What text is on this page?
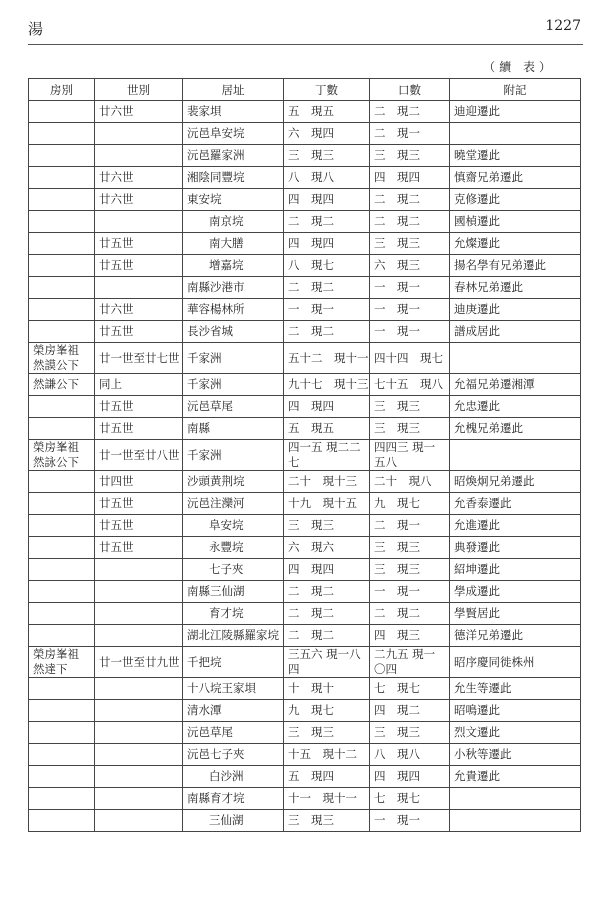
湯	1227
（續 表）
房別	世別	居址	丁數	口數	附記
	廿六世	裴家垻	五　現五	二　現二	迪迎遷此
		沅邑阜安垸	六　現四	二　現一	
		沅邑羅家洲	三　現三	三　現三	曉堂遷此
	廿六世	湘陰同豐垸	八　現八	四　現四	慎齋兄弟遷此
	廿六世	東安垸	四　現四	二　現二	克修遷此
		南京垸	二　現二	二　現二	國楨遷此
	廿五世	南大膳	四　現四	三　現三	允燦遷此
	廿五世	增嘉垸	八　現七	六　現三	揚名學有兄弟遷此
		南縣沙港市	二　現二	一　現一	春林兄弟遷此
	廿六世	華容楊林所	一　現一	一　現一	迪庚遷此
	廿五世	長沙省城	二　現二	一　現一	譜成居此
榮房峯祖然謨公下	廿一世至廿七世	千家洲	五十二　現十一	四十四　現七	
然謙公下	同上	千家洲	九十七　現十三	七十五　現八	允福兄弟遷湘潭
	廿五世	沅邑草尾	四　現四	三　現三	允忠遷此
	廿五世	南縣	五　現五	三　現三	允槐兄弟遷此
榮房峯祖然詠公下	廿一世至廿八世	千家洲	四一五 現二二七	四四三 現一五八	
	廿四世	沙頭黄荆垸	二十　現十三	二十　現八	昭煥炯兄弟遷此
	廿五世	沅邑注灤河	十九　現十五	九　現七	允香泰遷此
	廿五世	阜安垸	三　現三	二　現一	允進遷此
	廿五世	永豐垸	六　現六	三　現三	典發遷此
		七子夾	四　現四	三　現三	紹坤遷此
		南縣三仙湖	二　現二	一　現一	學成遷此
		育才垸	二　現二	二　現二	學賢居此
		湖北江陵縣羅家垸	二　現二	四　現三	德洋兄弟遷此
榮房峯祖然達下	廿一世至廿九世	千把垸	三五六 現一八四	二九五 現一〇四	昭序慶同徙株州
		十八垸王家垻	十　現十	七　現七	允生等遷此
		清水潭	九　現七	四　現二	昭鳴遷此
		沅邑草尾	三　現三	三　現三	烈文遷此
		沅邑七子夾	十五　現十二	八　現八	小秋等遷此
		白沙洲	五　現四	四　現四	允貴遷此
		南縣育才垸	十一　現十一	七　現七	
		三仙湖	三　現三	一　現一	
